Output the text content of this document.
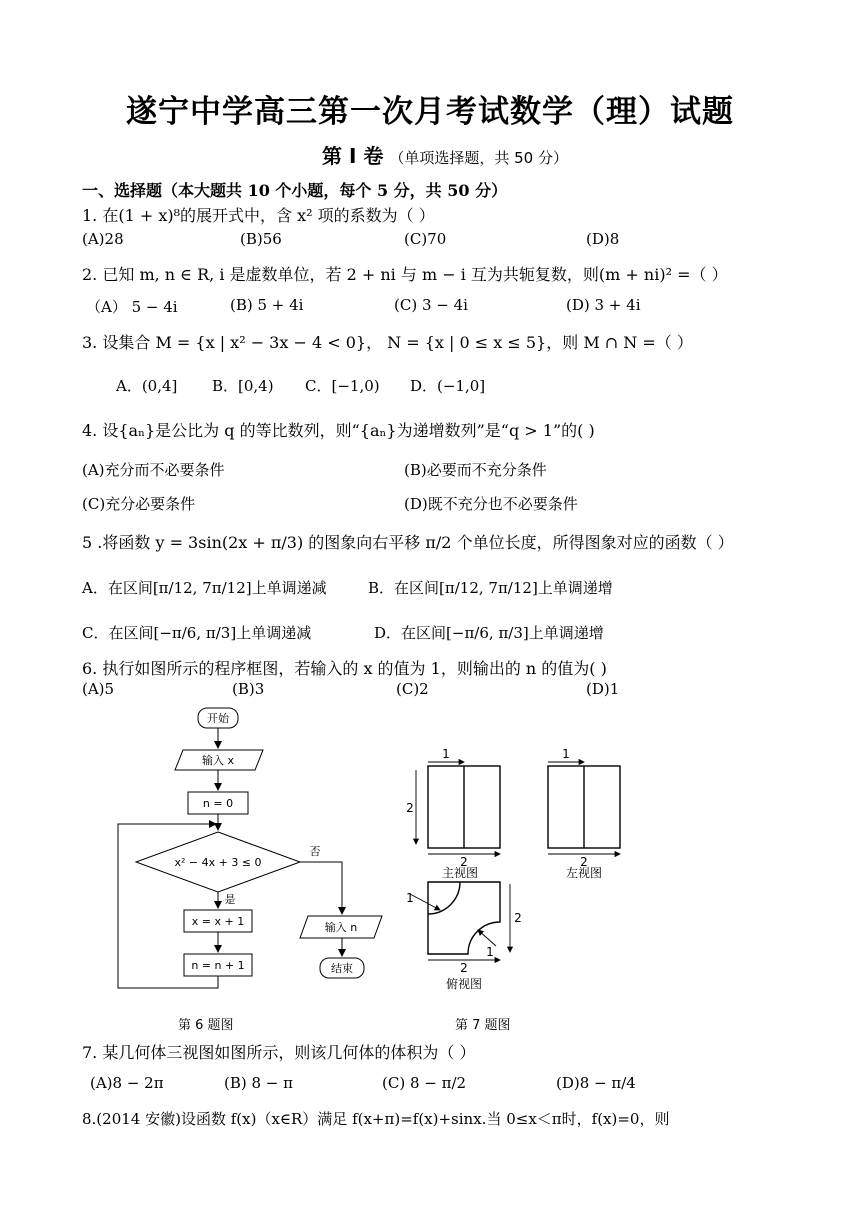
遂宁中学高三第一次月考试数学（理）试题
第 Ⅰ 卷 （单项选择题，共 50 分）
一、选择题（本大题共 10 个小题，每个 5 分，共 50 分）
1. 在(1 + x)⁸的展开式中，含 x² 项的系数为（ ）
(A)28	(B)56	(C)70	(D)8
2. 已知 m, n ∈ R, i 是虚数单位，若 2 + ni 与 m − i 互为共轭复数，则(m + ni)² =（ ）
（A） 5 − 4i	(B) 5 + 4i	(C) 3 − 4i	(D) 3 + 4i
3. 设集合 M = {x | x² − 3x − 4 < 0}， N = {x | 0 ≤ x ≤ 5}，则 M ∩ N =（ ）
A．(0,4] B．[0,4) C．[−1,0) D．(−1,0]
4. 设{aₙ}是公比为 q 的等比数列，则“{aₙ}为递增数列”是“q > 1”的( )
(A)充分而不必要条件	(B)必要而不充分条件
(C)充分必要条件	(D)既不充分也不必要条件
5 .将函数 y = 3sin(2x + π/3) 的图象向右平移 π/2 个单位长度，所得图象对应的函数（ ）
A．在区间[π/12, 7π/12]上单调递减	B．在区间[π/12, 7π/12]上单调递增
C．在区间[−π/6, π/3]上单调递减	D．在区间[−π/6, π/3]上单调递增
6. 执行如图所示的程序框图，若输入的 x 的值为 1，则输出的 n 的值为( )
(A)5	(B)3	(C)2	(D)1
开始
输入 x
n = 0
x² − 4x + 3 ≤ 0
是
否
x = x + 1
n = n + 1
输入 n
结束
第 6 题图
1	1
2
2	2
主视图	左视图
2
2
1
1
俯视图
第 7 题图
7. 某几何体三视图如图所示，则该几何体的体积为（ ）
(A)8 − 2π	(B) 8 − π	(C) 8 − π/2	(D)8 − π/4
8.(2014 安徽)设函数 f(x)（x∈R）满足 f(x+π)=f(x)+sinx.当 0≤x＜π时，f(x)=0，则
